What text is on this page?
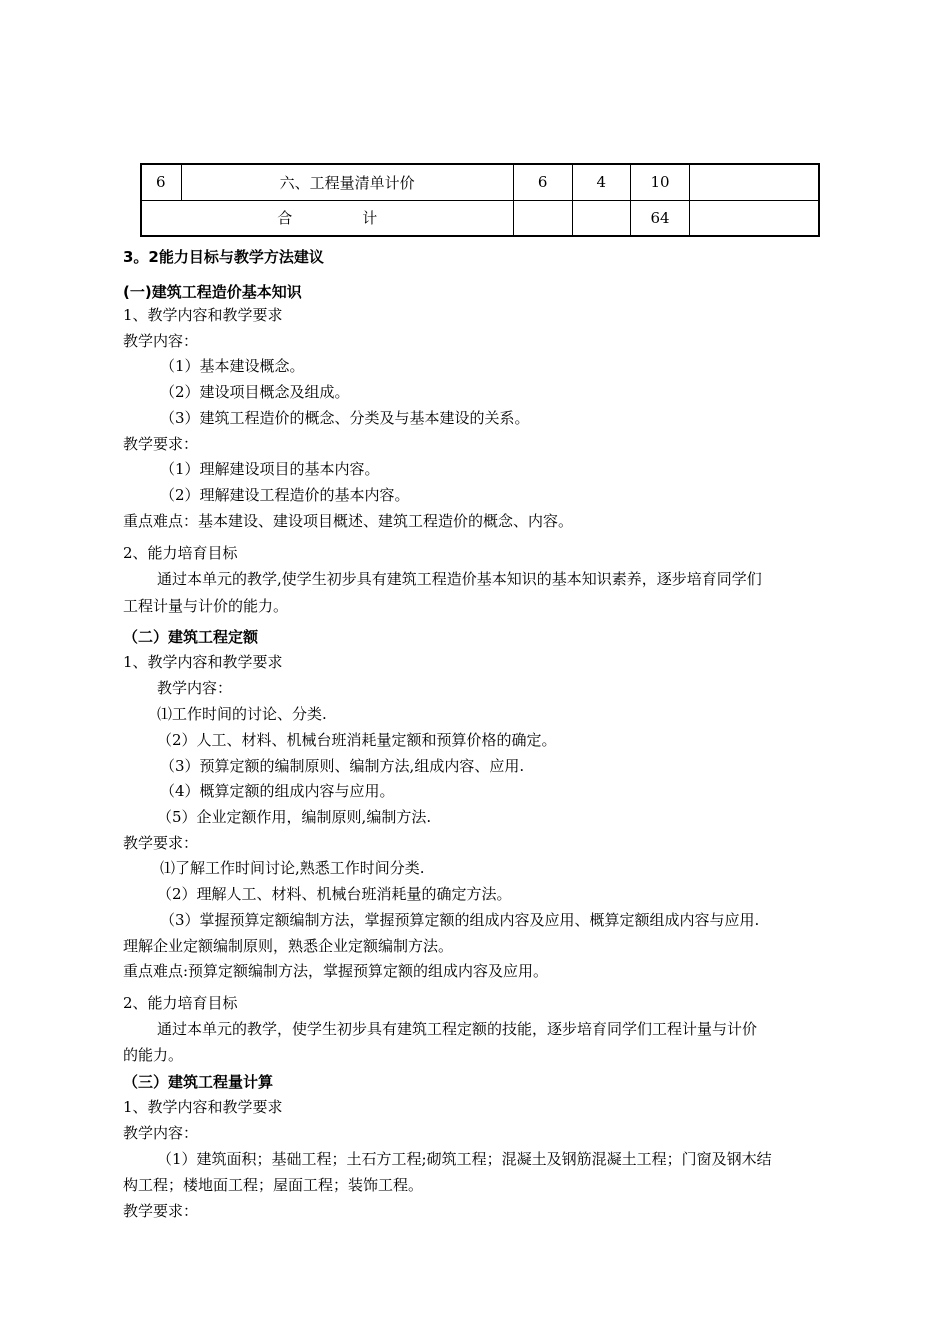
6	六、工程量清单计价	6	4	10	
合 计				64	
3。2能力目标与教学方法建议
(一)建筑工程造价基本知识
1、教学内容和教学要求
教学内容：
（1）基本建设概念。
（2）建设项目概念及组成。
（3）建筑工程造价的概念、分类及与基本建设的关系。
教学要求：
（1）理解建设项目的基本内容。
（2）理解建设工程造价的基本内容。
重点难点：基本建设、建设项目概述、建筑工程造价的概念、内容。
2、能力培育目标
通过本单元的教学,使学生初步具有建筑工程造价基本知识的基本知识素养，逐步培育同学们
工程计量与计价的能力。
（二）建筑工程定额
1、教学内容和教学要求
教学内容：
⑴工作时间的讨论、分类.
（2）人工、材料、机械台班消耗量定额和预算价格的确定。
（3）预算定额的编制原则、编制方法,组成内容、应用.
（4）概算定额的组成内容与应用。
（5）企业定额作用，编制原则,编制方法.
教学要求：
⑴了解工作时间讨论,熟悉工作时间分类.
（2）理解人工、材料、机械台班消耗量的确定方法。
（3）掌握预算定额编制方法，掌握预算定额的组成内容及应用、概算定额组成内容与应用.
理解企业定额编制原则，熟悉企业定额编制方法。
重点难点:预算定额编制方法，掌握预算定额的组成内容及应用。
2、能力培育目标
通过本单元的教学，使学生初步具有建筑工程定额的技能，逐步培育同学们工程计量与计价
的能力。
（三）建筑工程量计算
1、教学内容和教学要求
教学内容：
（1）建筑面积；基础工程；土石方工程;砌筑工程；混凝土及钢筋混凝土工程；门窗及钢木结
构工程；楼地面工程；屋面工程；装饰工程。
教学要求：
